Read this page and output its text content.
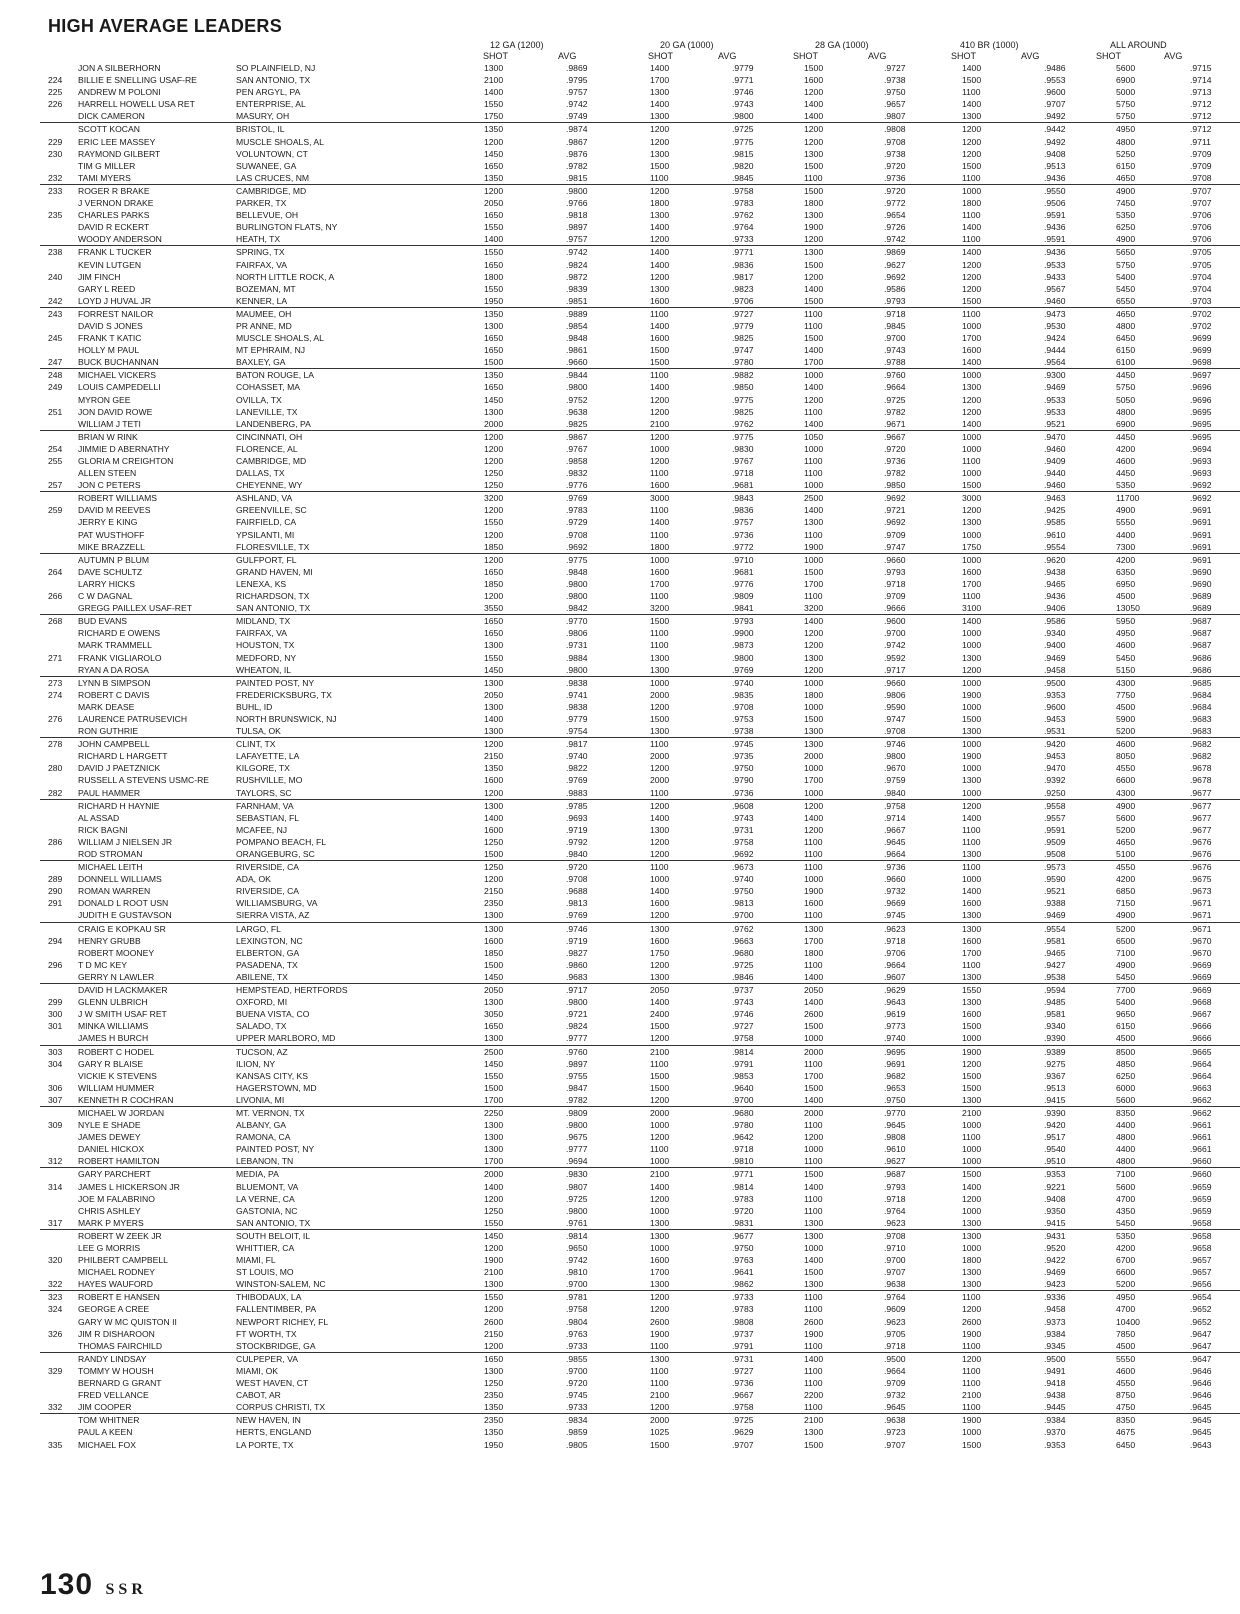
HIGH AVERAGE LEADERS
12 GA (1200)	20 GA (1000)	28 GA (1000)	410 BR (1000)	ALL AROUND
SHOT	AVG	SHOT	AVG	SHOT	AVG	SHOT	AVG	SHOT	AVG
	JON A SILBERHORN	SO PLAINFIELD, NJ	1300	.9869	1400	.9779	1500	.9727	1400	.9486	5600	.9715
224	BILLIE E SNELLING USAF-RE	SAN ANTONIO, TX	2100	.9795	1700	.9771	1600	.9738	1500	.9553	6900	.9714
225	ANDREW M POLONI	PEN ARGYL, PA	1400	.9757	1300	.9746	1200	.9750	1100	.9600	5000	.9713
226	HARRELL HOWELL USA RET	ENTERPRISE, AL	1550	.9742	1400	.9743	1400	.9657	1400	.9707	5750	.9712
	DICK CAMERON	MASURY, OH	1750	.9749	1300	.9800	1400	.9807	1300	.9492	5750	.9712
	SCOTT KOCAN	BRISTOL, IL	1350	.9874	1200	.9725	1200	.9808	1200	.9442	4950	.9712
229	ERIC LEE MASSEY	MUSCLE SHOALS, AL	1200	.9867	1200	.9775	1200	.9708	1200	.9492	4800	.9711
230	RAYMOND GILBERT	VOLUNTOWN, CT	1450	.9876	1300	.9815	1300	.9738	1200	.9408	5250	.9709
	TIM G MILLER	SUWANEE, GA	1650	.9782	1500	.9820	1500	.9720	1500	.9513	6150	.9709
232	TAMI MYERS	LAS CRUCES, NM	1350	.9815	1100	.9845	1100	.9736	1100	.9436	4650	.9708
233	ROGER R BRAKE	CAMBRIDGE, MD	1200	.9800	1200	.9758	1500	.9720	1000	.9550	4900	.9707
	J VERNON DRAKE	PARKER, TX	2050	.9766	1800	.9783	1800	.9772	1800	.9506	7450	.9707
235	CHARLES PARKS	BELLEVUE, OH	1650	.9818	1300	.9762	1300	.9654	1100	.9591	5350	.9706
	DAVID R ECKERT	BURLINGTON FLATS, NY	1550	.9897	1400	.9764	1900	.9726	1400	.9436	6250	.9706
	WOODY ANDERSON	HEATH, TX	1400	.9757	1200	.9733	1200	.9742	1100	.9591	4900	.9706
238	FRANK L TUCKER	SPRING, TX	1550	.9742	1400	.9771	1300	.9869	1400	.9436	5650	.9705
	KEVIN LUTGEN	FAIRFAX, VA	1650	.9824	1400	.9836	1500	.9627	1200	.9533	5750	.9705
240	JIM FINCH	NORTH LITTLE ROCK, A	1800	.9872	1200	.9817	1200	.9692	1200	.9433	5400	.9704
	GARY L REED	BOZEMAN, MT	1550	.9839	1300	.9823	1400	.9586	1200	.9567	5450	.9704
242	LOYD J HUVAL JR	KENNER, LA	1950	.9851	1600	.9706	1500	.9793	1500	.9460	6550	.9703
243	FORREST NAILOR	MAUMEE, OH	1350	.9889	1100	.9727	1100	.9718	1100	.9473	4650	.9702
	DAVID S JONES	PR ANNE, MD	1300	.9854	1400	.9779	1100	.9845	1000	.9530	4800	.9702
245	FRANK T KATIC	MUSCLE SHOALS, AL	1650	.9848	1600	.9825	1500	.9700	1700	.9424	6450	.9699
	HOLLY M PAUL	MT EPHRAIM, NJ	1650	.9861	1500	.9747	1400	.9743	1600	.9444	6150	.9699
247	BUCK BUCHANNAN	BAXLEY, GA	1500	.9660	1500	.9780	1700	.9788	1400	.9564	6100	.9698
248	MICHAEL VICKERS	BATON ROUGE, LA	1350	.9844	1100	.9882	1000	.9760	1000	.9300	4450	.9697
249	LOUIS CAMPEDELLI	COHASSET, MA	1650	.9800	1400	.9850	1400	.9664	1300	.9469	5750	.9696
	MYRON GEE	OVILLA, TX	1450	.9752	1200	.9775	1200	.9725	1200	.9533	5050	.9696
251	JON DAVID ROWE	LANEVILLE, TX	1300	.9638	1200	.9825	1100	.9782	1200	.9533	4800	.9695
	WILLIAM J TETI	LANDENBERG, PA	2000	.9825	2100	.9762	1400	.9671	1400	.9521	6900	.9695
	BRIAN W RINK	CINCINNATI, OH	1200	.9867	1200	.9775	1050	.9667	1000	.9470	4450	.9695
254	JIMMIE D ABERNATHY	FLORENCE, AL	1200	.9767	1000	.9830	1000	.9720	1000	.9460	4200	.9694
255	GLORIA M CREIGHTON	CAMBRIDGE, MD	1200	.9858	1200	.9767	1100	.9736	1100	.9409	4600	.9693
	ALLEN STEEN	DALLAS, TX	1250	.9832	1100	.9718	1100	.9782	1000	.9440	4450	.9693
257	JON C PETERS	CHEYENNE, WY	1250	.9776	1600	.9681	1000	.9850	1500	.9460	5350	.9692
	ROBERT WILLIAMS	ASHLAND, VA	3200	.9769	3000	.9843	2500	.9692	3000	.9463	11700	.9692
259	DAVID M REEVES	GREENVILLE, SC	1200	.9783	1100	.9836	1400	.9721	1200	.9425	4900	.9691
	JERRY E KING	FAIRFIELD, CA	1550	.9729	1400	.9757	1300	.9692	1300	.9585	5550	.9691
	PAT WUSTHOFF	YPSILANTI, MI	1200	.9708	1100	.9736	1100	.9709	1000	.9610	4400	.9691
	MIKE BRAZZELL	FLORESVILLE, TX	1850	.9692	1800	.9772	1900	.9747	1750	.9554	7300	.9691
	AUTUMN P BLUM	GULFPORT, FL	1200	.9775	1000	.9710	1000	.9660	1000	.9620	4200	.9691
264	DAVE SCHULTZ	GRAND HAVEN, MI	1650	.9848	1600	.9681	1500	.9793	1600	.9438	6350	.9690
	LARRY HICKS	LENEXA, KS	1850	.9800	1700	.9776	1700	.9718	1700	.9465	6950	.9690
266	C W DAGNAL	RICHARDSON, TX	1200	.9800	1100	.9809	1100	.9709	1100	.9436	4500	.9689
	GREGG PAILLEX USAF-RET	SAN ANTONIO, TX	3550	.9842	3200	.9841	3200	.9666	3100	.9406	13050	.9689
268	BUD EVANS	MIDLAND, TX	1650	.9770	1500	.9793	1400	.9600	1400	.9586	5950	.9687
	RICHARD E OWENS	FAIRFAX, VA	1650	.9806	1100	.9900	1200	.9700	1000	.9340	4950	.9687
	MARK TRAMMELL	HOUSTON, TX	1300	.9731	1100	.9873	1200	.9742	1000	.9400	4600	.9687
271	FRANK VIGLIAROLO	MEDFORD, NY	1550	.9884	1300	.9800	1300	.9592	1300	.9469	5450	.9686
	RYAN A DA ROSA	WHEATON, IL	1450	.9800	1300	.9769	1200	.9717	1200	.9458	5150	.9686
273	LYNN B SIMPSON	PAINTED POST, NY	1300	.9838	1000	.9740	1000	.9660	1000	.9500	4300	.9685
274	ROBERT C DAVIS	FREDERICKSBURG, TX	2050	.9741	2000	.9835	1800	.9806	1900	.9353	7750	.9684
	MARK DEASE	BUHL, ID	1300	.9838	1200	.9708	1000	.9590	1000	.9600	4500	.9684
276	LAURENCE PATRUSEVICH	NORTH BRUNSWICK, NJ	1400	.9779	1500	.9753	1500	.9747	1500	.9453	5900	.9683
	RON GUTHRIE	TULSA, OK	1300	.9754	1300	.9738	1300	.9708	1300	.9531	5200	.9683
278	JOHN CAMPBELL	CLINT, TX	1200	.9817	1100	.9745	1300	.9746	1000	.9420	4600	.9682
	RICHARD L HARGETT	LAFAYETTE, LA	2150	.9740	2000	.9735	2000	.9800	1900	.9453	8050	.9682
280	DAVID J PAETZNICK	KILGORE, TX	1350	.9822	1200	.9750	1000	.9670	1000	.9470	4550	.9678
	RUSSELL A STEVENS USMC-RE	RUSHVILLE, MO	1600	.9769	2000	.9790	1700	.9759	1300	.9392	6600	.9678
282	PAUL HAMMER	TAYLORS, SC	1200	.9883	1100	.9736	1000	.9840	1000	.9250	4300	.9677
	RICHARD H HAYNIE	FARNHAM, VA	1300	.9785	1200	.9608	1200	.9758	1200	.9558	4900	.9677
	AL ASSAD	SEBASTIAN, FL	1400	.9693	1400	.9743	1400	.9714	1400	.9557	5600	.9677
	RICK BAGNI	MCAFEE, NJ	1600	.9719	1300	.9731	1200	.9667	1100	.9591	5200	.9677
286	WILLIAM J NIELSEN JR	POMPANO BEACH, FL	1250	.9792	1200	.9758	1100	.9645	1100	.9509	4650	.9676
	ROD STROMAN	ORANGEBURG, SC	1500	.9840	1200	.9692	1100	.9664	1300	.9508	5100	.9676
	MICHAEL LEITH	RIVERSIDE, CA	1250	.9720	1100	.9673	1100	.9736	1100	.9573	4550	.9676
289	DONNELL WILLIAMS	ADA, OK	1200	.9708	1000	.9740	1000	.9660	1000	.9590	4200	.9675
290	ROMAN WARREN	RIVERSIDE, CA	2150	.9688	1400	.9750	1900	.9732	1400	.9521	6850	.9673
291	DONALD L ROOT USN	WILLIAMSBURG, VA	2350	.9813	1600	.9813	1600	.9669	1600	.9388	7150	.9671
	JUDITH E GUSTAVSON	SIERRA VISTA, AZ	1300	.9769	1200	.9700	1100	.9745	1300	.9469	4900	.9671
	CRAIG E KOPKAU SR	LARGO, FL	1300	.9746	1300	.9762	1300	.9623	1300	.9554	5200	.9671
294	HENRY GRUBB	LEXINGTON, NC	1600	.9719	1600	.9663	1700	.9718	1600	.9581	6500	.9670
	ROBERT MOONEY	ELBERTON, GA	1850	.9827	1750	.9680	1800	.9706	1700	.9465	7100	.9670
296	T D MC KEY	PASADENA, TX	1500	.9860	1200	.9725	1100	.9664	1100	.9427	4900	.9669
	GERRY N LAWLER	ABILENE, TX	1450	.9683	1300	.9846	1400	.9607	1300	.9538	5450	.9669
	DAVID H LACKMAKER	HEMPSTEAD, HERTFORDS	2050	.9717	2050	.9737	2050	.9629	1550	.9594	7700	.9669
299	GLENN ULBRICH	OXFORD, MI	1300	.9800	1400	.9743	1400	.9643	1300	.9485	5400	.9668
300	J W SMITH USAF RET	BUENA VISTA, CO	3050	.9721	2400	.9746	2600	.9619	1600	.9581	9650	.9667
301	MINKA WILLIAMS	SALADO, TX	1650	.9824	1500	.9727	1500	.9773	1500	.9340	6150	.9666
	JAMES H BURCH	UPPER MARLBORO, MD	1300	.9777	1200	.9758	1000	.9740	1000	.9390	4500	.9666
303	ROBERT C HODEL	TUCSON, AZ	2500	.9760	2100	.9814	2000	.9695	1900	.9389	8500	.9665
304	GARY R BLAISE	ILION, NY	1450	.9897	1100	.9791	1100	.9691	1200	.9275	4850	.9664
	VICKIE K STEVENS	KANSAS CITY, KS	1550	.9755	1500	.9853	1700	.9682	1500	.9367	6250	.9664
306	WILLIAM HUMMER	HAGERSTOWN, MD	1500	.9847	1500	.9640	1500	.9653	1500	.9513	6000	.9663
307	KENNETH R COCHRAN	LIVONIA, MI	1700	.9782	1200	.9700	1400	.9750	1300	.9415	5600	.9662
	MICHAEL W JORDAN	MT. VERNON, TX	2250	.9809	2000	.9680	2000	.9770	2100	.9390	8350	.9662
309	NYLE E SHADE	ALBANY, GA	1300	.9800	1000	.9780	1100	.9645	1000	.9420	4400	.9661
	JAMES DEWEY	RAMONA, CA	1300	.9675	1200	.9642	1200	.9808	1100	.9517	4800	.9661
	DANIEL HICKOX	PAINTED POST, NY	1300	.9777	1100	.9718	1000	.9610	1000	.9540	4400	.9661
312	ROBERT HAMILTON	LEBANON, TN	1700	.9694	1000	.9810	1100	.9627	1000	.9510	4800	.9660
	GARY PARCHERT	MEDIA, PA	2000	.9830	2100	.9771	1500	.9687	1500	.9353	7100	.9660
314	JAMES L HICKERSON JR	BLUEMONT, VA	1400	.9807	1400	.9814	1400	.9793	1400	.9221	5600	.9659
	JOE M FALABRINO	LA VERNE, CA	1200	.9725	1200	.9783	1100	.9718	1200	.9408	4700	.9659
	CHRIS ASHLEY	GASTONIA, NC	1250	.9800	1000	.9720	1100	.9764	1000	.9350	4350	.9659
317	MARK P MYERS	SAN ANTONIO, TX	1550	.9761	1300	.9831	1300	.9623	1300	.9415	5450	.9658
	ROBERT W ZEEK JR	SOUTH BELOIT, IL	1450	.9814	1300	.9677	1300	.9708	1300	.9431	5350	.9658
	LEE G MORRIS	WHITTIER, CA	1200	.9650	1000	.9750	1000	.9710	1000	.9520	4200	.9658
320	PHILBERT CAMPBELL	MIAMI, FL	1900	.9742	1600	.9763	1400	.9700	1800	.9422	6700	.9657
	MICHAEL RODNEY	ST LOUIS, MO	2100	.9810	1700	.9641	1500	.9707	1300	.9469	6600	.9657
322	HAYES WAUFORD	WINSTON-SALEM, NC	1300	.9700	1300	.9862	1300	.9638	1300	.9423	5200	.9656
323	ROBERT E HANSEN	THIBODAUX, LA	1550	.9781	1200	.9733	1100	.9764	1100	.9336	4950	.9654
324	GEORGE A CREE	FALLENTIMBER, PA	1200	.9758	1200	.9783	1100	.9609	1200	.9458	4700	.9652
	GARY W MC QUISTON II	NEWPORT RICHEY, FL	2600	.9804	2600	.9808	2600	.9623	2600	.9373	10400	.9652
326	JIM R DISHAROON	FT WORTH, TX	2150	.9763	1900	.9737	1900	.9705	1900	.9384	7850	.9647
	THOMAS FAIRCHILD	STOCKBRIDGE, GA	1200	.9733	1100	.9791	1100	.9718	1100	.9345	4500	.9647
	RANDY LINDSAY	CULPEPER, VA	1650	.9855	1300	.9731	1400	.9500	1200	.9500	5550	.9647
329	TOMMY W HOUSH	MIAMI, OK	1300	.9700	1100	.9727	1100	.9664	1100	.9491	4600	.9646
	BERNARD G GRANT	WEST HAVEN, CT	1250	.9720	1100	.9736	1100	.9709	1100	.9418	4550	.9646
	FRED VELLANCE	CABOT, AR	2350	.9745	2100	.9667	2200	.9732	2100	.9438	8750	.9646
332	JIM COOPER	CORPUS CHRISTI, TX	1350	.9733	1200	.9758	1100	.9645	1100	.9445	4750	.9645
	TOM WHITNER	NEW HAVEN, IN	2350	.9834	2000	.9725	2100	.9638	1900	.9384	8350	.9645
	PAUL A KEEN	HERTS, ENGLAND	1350	.9859	1025	.9629	1300	.9723	1000	.9370	4675	.9645
335	MICHAEL FOX	LA PORTE, TX	1950	.9805	1500	.9707	1500	.9707	1500	.9353	6450	.9643
130 SSR
